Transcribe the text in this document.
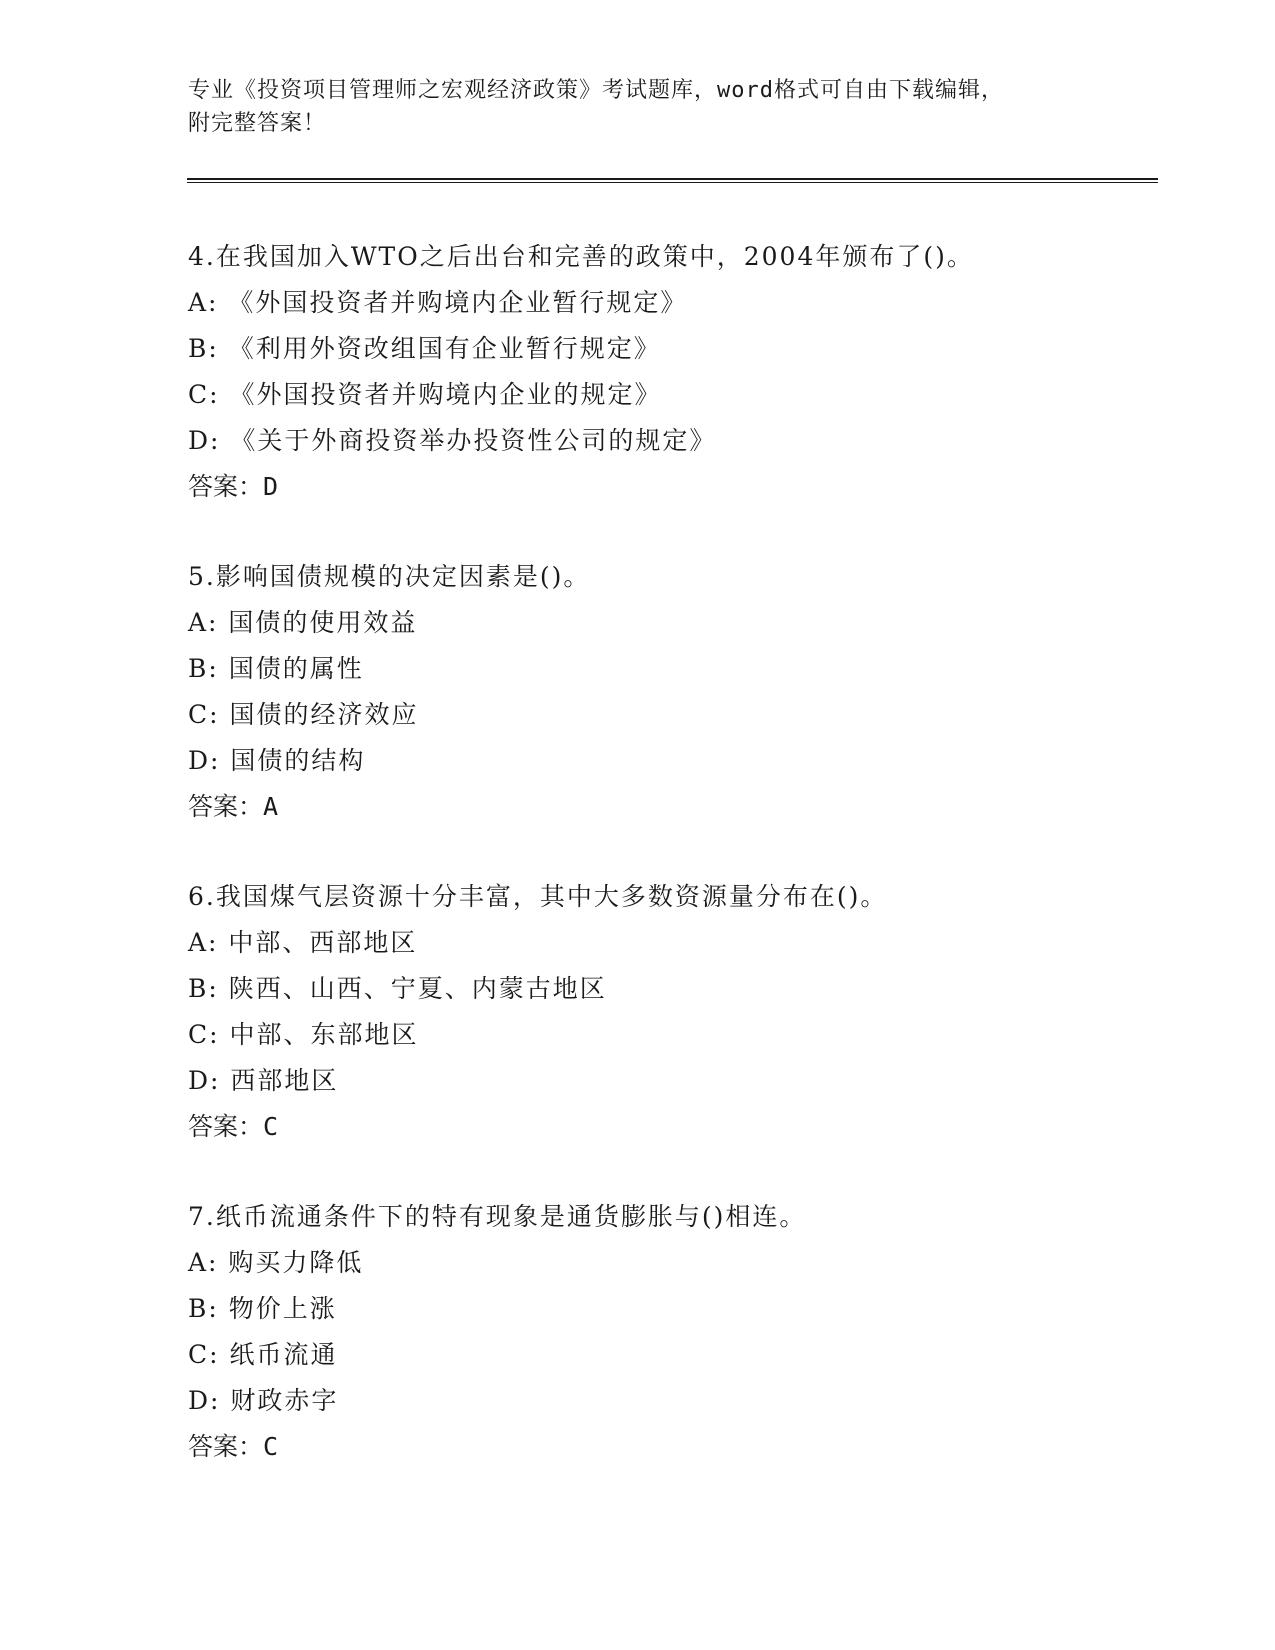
专业《投资项目管理师之宏观经济政策》考试题库，word格式可自由下载编辑，
附完整答案！
4.在我国加入WTO之后出台和完善的政策中，2004年颁布了()。
A: 《外国投资者并购境内企业暂行规定》
B: 《利用外资改组国有企业暂行规定》
C: 《外国投资者并购境内企业的规定》
D: 《关于外商投资举办投资性公司的规定》
答案：D
5.影响国债规模的决定因素是()。
A: 国债的使用效益
B: 国债的属性
C: 国债的经济效应
D: 国债的结构
答案：A
6.我国煤气层资源十分丰富，其中大多数资源量分布在()。
A: 中部、西部地区
B: 陕西、山西、宁夏、内蒙古地区
C: 中部、东部地区
D: 西部地区
答案：C
7.纸币流通条件下的特有现象是通货膨胀与()相连。
A: 购买力降低
B: 物价上涨
C: 纸币流通
D: 财政赤字
答案：C
